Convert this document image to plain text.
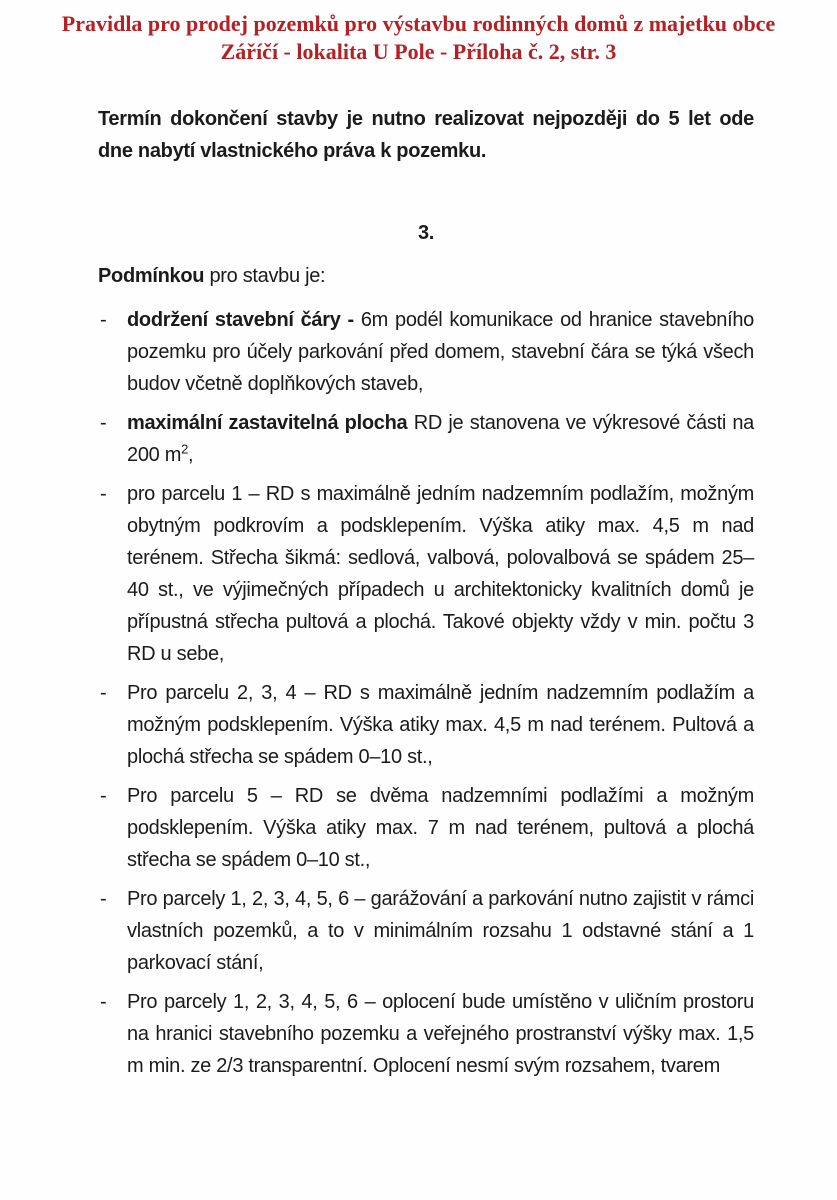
Pravidla pro prodej pozemků pro výstavbu rodinných domů z majetku obce
Záříčí - lokalita U Pole - Příloha č. 2, str. 3

Termín dokončení stavby je nutno realizovat nejpozději do 5 let ode dne nabytí vlastnického práva k pozemku.

3.

Podmínkou pro stavbu je:

- dodržení stavební čáry - 6m podél komunikace od hranice stavebního pozemku pro účely parkování před domem, stavební čára se týká všech budov včetně doplňkových staveb,
- maximální zastavitelná plocha RD je stanovena ve výkresové části na 200 $m^2$,
- pro parcelu 1 – RD s maximálně jedním nadzemním podlažím, možným obytným podkrovím a podsklepením. Výška atiky max. 4,5 m nad terénem. Střecha šikmá: sedlová, valbová, polovalbová se spádem 25– 40 st., ve výjimečných případech u architektonicky kvalitních domů je přípustná střecha pultová a plochá. Takové objekty vždy v min. počtu 3 RD u sebe,
- Pro parcelu 2, 3, 4 – RD s maximálně jedním nadzemním podlažím a možným podsklepením. Výška atiky max. 4,5 m nad terénem. Pultová a plochá střecha se spádem 0–10 st.,
- Pro parcelu 5 – RD se dvěma nadzemními podlažími a možným podsklepením. Výška atiky max. 7 m nad terénem, pultová a plochá střecha se spádem 0–10 st.,
- Pro parcely 1, 2, 3, 4, 5, 6 – garážování a parkování nutno zajistit v rámci vlastních pozemků, a to v minimálním rozsahu 1 odstavné stání a 1 parkovací stání,
- Pro parcely 1, 2, 3, 4, 5, 6 – oplocení bude umístěno v uličním prostoru na hranici stavebního pozemku a veřejného prostranství výšky max. 1,5 m min. ze 2/3 transparentní. Oplocení nesmí svým rozsahem, tvarem
